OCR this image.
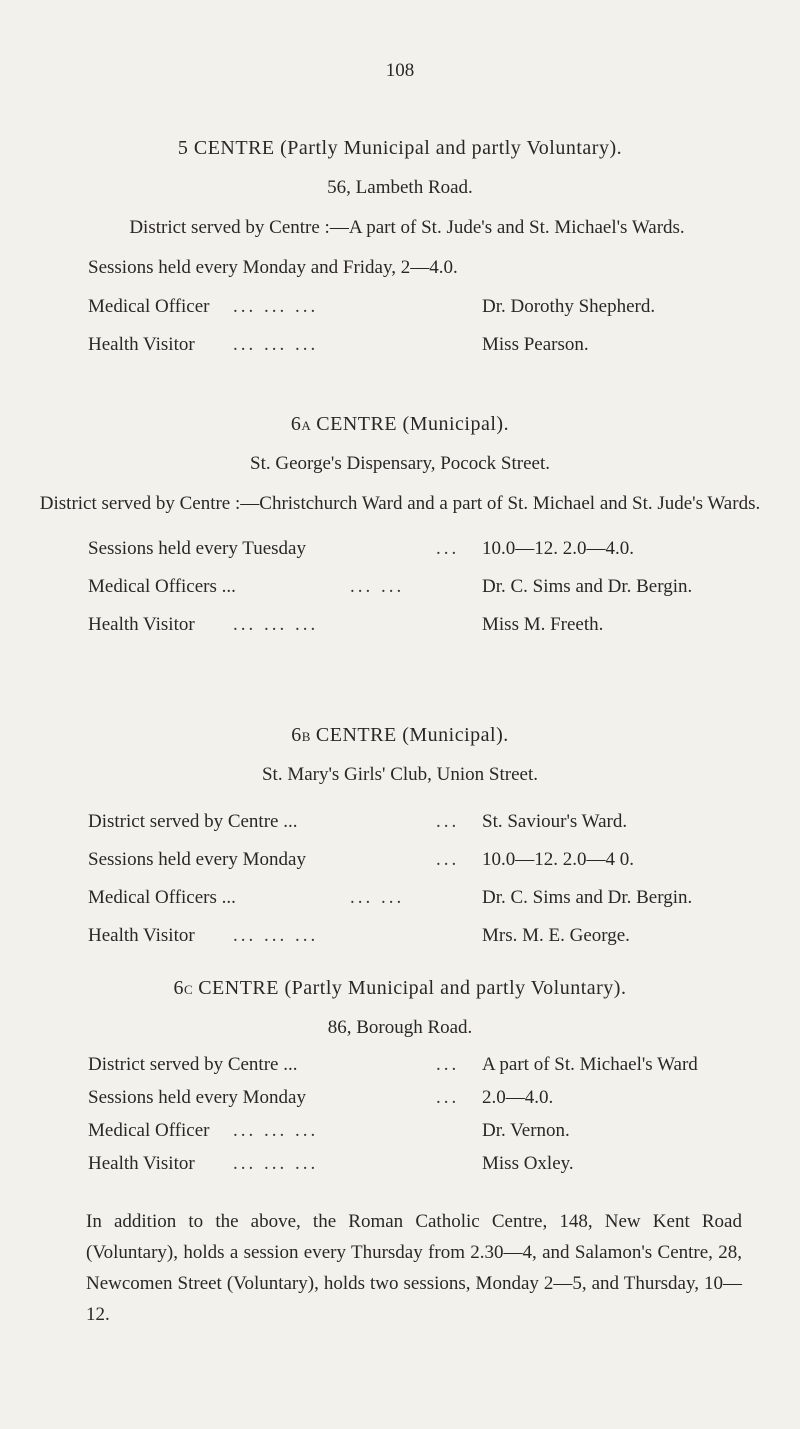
108
5 CENTRE (Partly Municipal and partly Voluntary).
56, Lambeth Road.
District served by Centre :—A part of St. Jude's and St. Michael's Wards.
Sessions held every Monday and Friday, 2—4.0.
Medical Officer ... ... ...	Dr. Dorothy Shepherd.
Health Visitor ... ... ...	Miss Pearson.
6A CENTRE (Municipal).
St. George's Dispensary, Pocock Street.
District served by Centre :—Christchurch Ward and a part of St. Michael and St. Jude's Wards.
Sessions held every Tuesday	...	10.0—12. 2.0—4.0.
Medical Officers ...	... ...	Dr. C. Sims and Dr. Bergin.
Health Visitor ... ... ...	Miss M. Freeth.
6B CENTRE (Municipal).
St. Mary's Girls' Club, Union Street.
District served by Centre ...	...	St. Saviour's Ward.
Sessions held every Monday	...	10.0—12. 2.0—4 0.
Medical Officers ...	... ...	Dr. C. Sims and Dr. Bergin.
Health Visitor ... ... ...	Mrs. M. E. George.
6C CENTRE (Partly Municipal and partly Voluntary).
86, Borough Road.
District served by Centre ...	...	A part of St. Michael's Ward
Sessions held every Monday	...	2.0—4.0.
Medical Officer ... ... ...	Dr. Vernon.
Health Visitor ... ... ...	Miss Oxley.
In addition to the above, the Roman Catholic Centre, 148, New Kent Road (Voluntary), holds a session every Thursday from 2.30—4, and Salamon's Centre, 28, Newcomen Street (Voluntary), holds two sessions, Monday 2—5, and Thursday, 10—12.
